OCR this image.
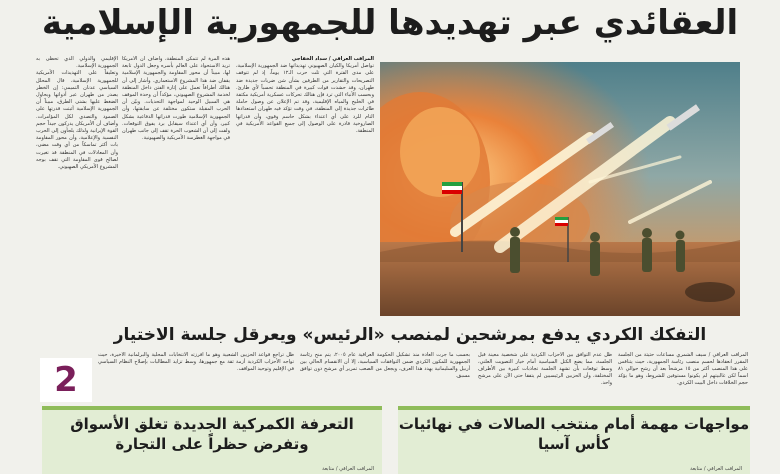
العقائدي عبر تهديدها للجمهورية الإسلامية
المراقب العراقي / سداد الخفاجي
تواصل أمريكا والكيان الصهيوني تهديداتها ضد الجمهورية الإسلامية، على مدى الفترة التي تلت حرب الـ١٢ يوماً، إذ لم تتوقف التصريحات والتقارير من الطرفين بشأن شن ضربات جديدة ضد طهران، وقد حشدت قوات كبيرة في المنطقة تحسباً لأي طارئ. وبحسب الأنباء التي ترد فإن هنالك تحركات عسكرية أمريكية مكثفة في الخليج والمياه الإقليمية، وقد تم الإعلان عن وصول حاملة طائرات جديدة إلى المنطقة، في وقت تؤكد فيه طهران استعدادها التام للرد على أي اعتداء بشكل حاسم وقوي، وأن قدراتها الصاروخية قادرة على الوصول إلى جميع القواعد الأمريكية في المنطقة.
هذه المرة لم تتمكن المنطقة، وأضاف أن الأمريكا تريد الاستحواذ على العالم بأسره وجعل الدول تابعة لها، مبيناً أن محور المقاومة والجمهورية الإسلامية يقفان ضد هذا المشروع الاستعماري. وأشار إلى أن هنالك أطرافاً تعمل على إثارة الفتن داخل المنطقة لخدمة المشروع الصهيوني، مؤكداً أن وحدة الموقف هي السبيل الوحيد لمواجهة التحديات. وبيّن أن الحرب المقبلة ستكون مختلفة عن سابقتها، وأن الجمهورية الإسلامية طورت قدراتها الدفاعية بشكل كبير، وأن أي اعتداء سيقابل برد يفوق التوقعات. ولفت إلى أن الشعوب الحرة تقف إلى جانب طهران في مواجهة الغطرسة الأمريكية والصهيونية.
الإقليمي والدولي الذي تحظى به الجمهورية الإسلامية.
وتعليقاً على التهديدات الأمريكية للجمهورية الإسلامية، قال المحلل السياسي عدنان التميمي: إن الخطر يصدر من طهران عبر أدواتها ويحاول الضغط عليها بشتى الطرق، مبيناً أن الجمهورية الإسلامية أثبتت قدرتها على الصمود والتصدي لكل المؤامرات. وأضاف أن الأمريكان يدركون جيداً حجم القوة الإيرانية ولذلك يلجأون إلى الحرب النفسية والإعلامية، وأن محور المقاومة بات أكثر تماسكاً من أي وقت مضى، وأن المعادلات في المنطقة قد تغيرت لصالح قوى المقاومة التي تقف بوجه المشروع الأمريكي الصهيوني.
التفكك الكردي يدفع بمرشحين لمنصب «الرئيس» ويعرقل جلسة الاختيار
المراقب العراقي / سيف الشمري مساعات حثيثة من الجلسة المقرر انعقادها لحسم منصب رئاسة الجمهورية، حيث يتنافس على هذا المنصب أكثر من ١٥ مرشحاً بعد أن رشح حوالي ٨١ اسماً لكن غالبيتهم لم يكونوا مستوفين للشروط، وهو ما يؤكد حجم الخلافات داخل البيت الكردي.
ظل عدم التوافق بين الأحزاب الكردية على شخصية معينة قبل الجلسة، مما يضع الكتل السياسية أمام خيار التصويت العلني، وسط توقعات بأن تشهد الجلسة تجاذبات كبيرة بين الأطراف المختلفة، وأن الحزبين الرئيسيين لم يتفقا حتى الآن على مرشح واحد.
بحسب ما جرت العادة منذ تشكيل الحكومة العراقية عام ٢٠٠٥، يتم منح رئاسة الجمهورية للمكون الكردي ضمن التوافقات السياسية، إلا أن الانقسام الحالي بين أربيل والسليمانية يهدد هذا العرف، ويجعل من الصعب تمرير أي مرشح دون توافق مسبق.
ظل تراجع قواعد الحزبين الشعبية وهو ما أفرزته الانتخابات المحلية والبرلمانية الأخيرة، حيث تواجه الأحزاب الكردية أزمة ثقة مع جمهورها، وسط تزايد المطالبات بإصلاح النظام السياسي في الإقليم وتوحيد المواقف.
2
مواجهات مهمة أمام منتخب الصالات في نهائيات كأس آسيا
المراقب العراقي / متابعة
التعرفة الكمركية الجديدة تغلق الأسواق وتفرض حظراً على التجارة
المراقب العراقي / متابعة
